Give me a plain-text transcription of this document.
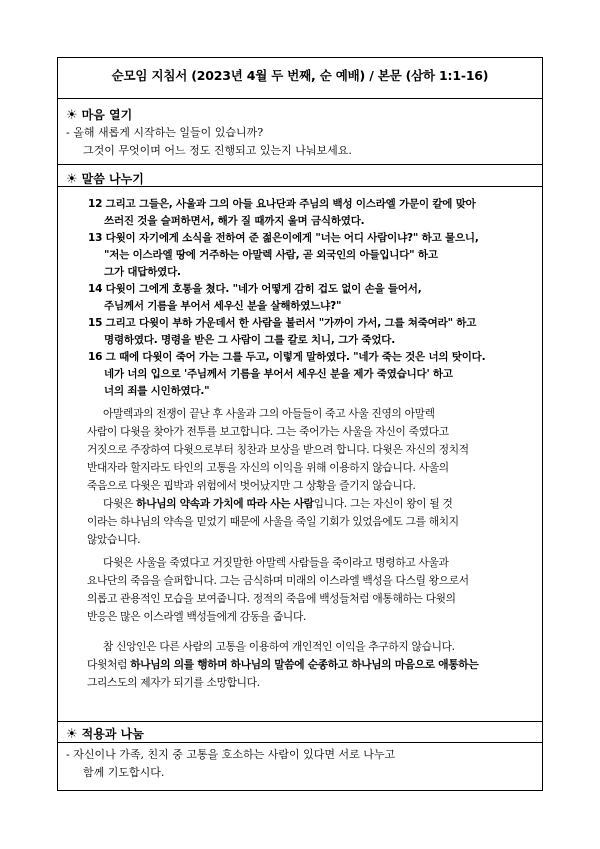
순모임 지침서 (2023년 4월 두 번째, 순 예배) / 본문 (삼하 1:1-16)
☀ 마음 열기
- 올해 새롭게 시작하는 일들이 있습니까?
그것이 무엇이며 어느 정도 진행되고 있는지 나눠보세요.
☀ 말씀 나누기
12 그리고 그들은, 사울과 그의 아들 요나단과 주님의 백성 이스라엘 가문이 칼에 맞아
쓰러진 것을 슬퍼하면서, 해가 질 때까지 울며 금식하였다.
13 다윗이 자기에게 소식을 전하여 준 젊은이에게 "너는 어디 사람이냐?" 하고 물으니,
"저는 이스라엘 땅에 거주하는 아말렉 사람, 곧 외국인의 아들입니다" 하고
그가 대답하였다.
14 다윗이 그에게 호통을 쳤다. "네가 어떻게 감히 겁도 없이 손을 들어서,
주님께서 기름을 부어서 세우신 분을 살해하였느냐?"
15 그리고 다윗이 부하 가운데서 한 사람을 불러서 "가까이 가서, 그를 쳐죽여라" 하고
명령하였다. 명령을 받은 그 사람이 그를 칼로 치니, 그가 죽었다.
16 그 때에 다윗이 죽어 가는 그를 두고, 이렇게 말하였다. "네가 죽는 것은 너의 탓이다.
네가 너의 입으로 '주님께서 기름을 부어서 세우신 분을 제가 죽였습니다' 하고
너의 죄를 시인하였다."
아말렉과의 전쟁이 끝난 후 사울과 그의 아들들이 죽고 사울 진영의 아말렉
사람이 다윗을 찾아가 전투를 보고합니다. 그는 죽어가는 사울을 자신이 죽였다고
거짓으로 주장하여 다윗으로부터 칭찬과 보상을 받으려 합니다. 다윗은 자신의 정치적
반대자라 할지라도 타인의 고통을 자신의 이익을 위해 이용하지 않습니다. 사울의
죽음으로 다윗은 핍박과 위험에서 벗어났지만 그 상황을 즐기지 않습니다.
다윗은 하나님의 약속과 가치에 따라 사는 사람입니다. 그는 자신이 왕이 될 것
이라는 하나님의 약속을 믿었기 때문에 사울을 죽일 기회가 있었음에도 그를 해치지
않았습니다.
다윗은 사울을 죽였다고 거짓말한 아말렉 사람들을 죽이라고 명령하고 사울과
요나단의 죽음을 슬퍼합니다. 그는 금식하며 미래의 이스라엘 백성을 다스릴 왕으로서
의롭고 관용적인 모습을 보여줍니다. 정적의 죽음에 백성들처럼 애통해하는 다윗의
반응은 많은 이스라엘 백성들에게 감동을 줍니다.
참 신앙인은 다른 사람의 고통을 이용하여 개인적인 이익을 추구하지 않습니다.
다윗처럼 하나님의 의를 행하며 하나님의 말씀에 순종하고 하나님의 마음으로 애통하는
그리스도의 제자가 되기를 소망합니다.
☀ 적용과 나눔
- 자신이나 가족, 친지 중 고통을 호소하는 사람이 있다면 서로 나누고
함께 기도합시다.
